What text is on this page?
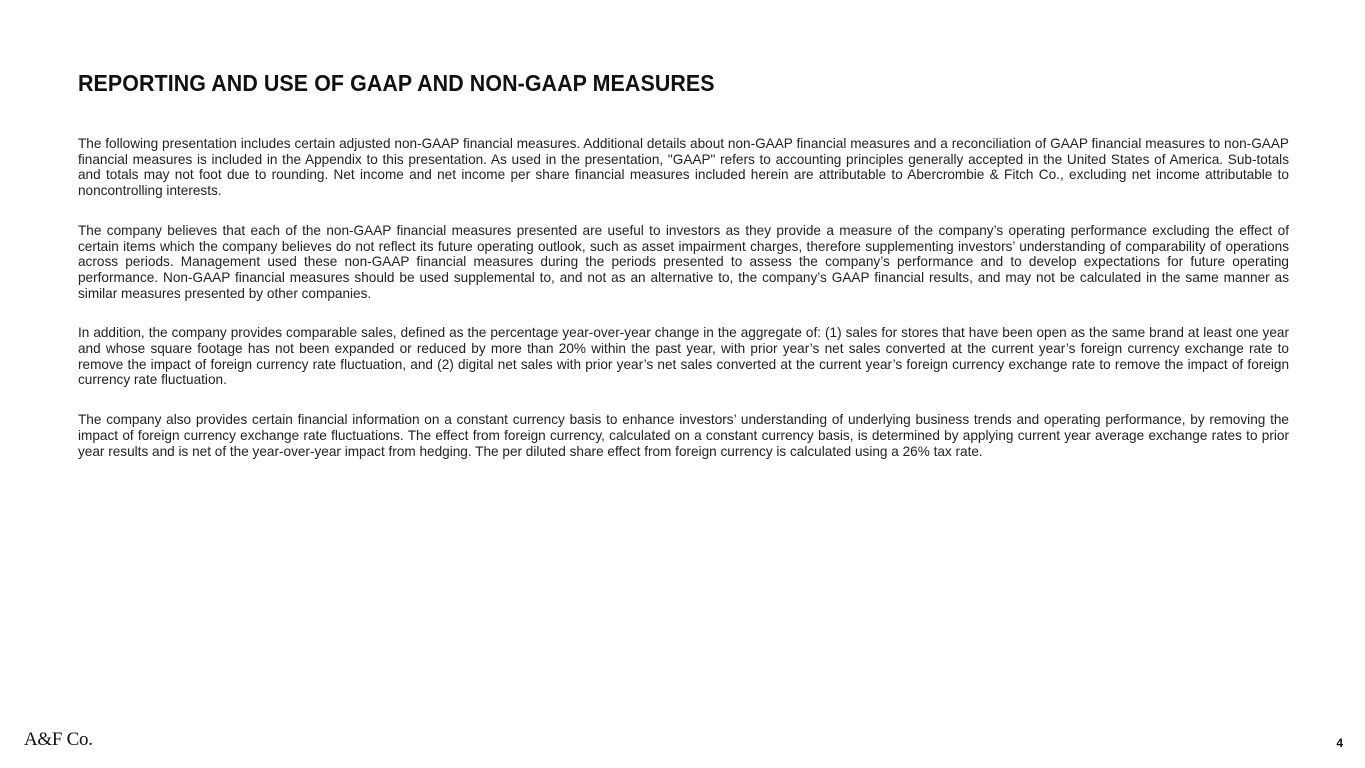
REPORTING AND USE OF GAAP AND NON-GAAP MEASURES

The following presentation includes certain adjusted non-GAAP financial measures. Additional details about non-GAAP financial measures and a reconciliation of GAAP financial measures to non-GAAP financial measures is included in the Appendix to this presentation. As used in the presentation, "GAAP" refers to accounting principles generally accepted in the United States of America. Sub-totals and totals may not foot due to rounding. Net income and net income per share financial measures included herein are attributable to Abercrombie & Fitch Co., excluding net income attributable to noncontrolling interests.

The company believes that each of the non-GAAP financial measures presented are useful to investors as they provide a measure of the company’s operating performance excluding the effect of certain items which the company believes do not reflect its future operating outlook, such as asset impairment charges, therefore supplementing investors’ understanding of comparability of operations across periods. Management used these non-GAAP financial measures during the periods presented to assess the company’s performance and to develop expectations for future operating performance. Non-GAAP financial measures should be used supplemental to, and not as an alternative to, the company’s GAAP financial results, and may not be calculated in the same manner as similar measures presented by other companies.

In addition, the company provides comparable sales, defined as the percentage year-over-year change in the aggregate of: (1) sales for stores that have been open as the same brand at least one year and whose square footage has not been expanded or reduced by more than 20% within the past year, with prior year’s net sales converted at the current year’s foreign currency exchange rate to remove the impact of foreign currency rate fluctuation, and (2) digital net sales with prior year’s net sales converted at the current year’s foreign currency exchange rate to remove the impact of foreign currency rate fluctuation.

The company also provides certain financial information on a constant currency basis to enhance investors’ understanding of underlying business trends and operating performance, by removing the impact of foreign currency exchange rate fluctuations. The effect from foreign currency, calculated on a constant currency basis, is determined by applying current year average exchange rates to prior year results and is net of the year-over-year impact from hedging. The per diluted share effect from foreign currency is calculated using a 26% tax rate.

A&F Co.	4
